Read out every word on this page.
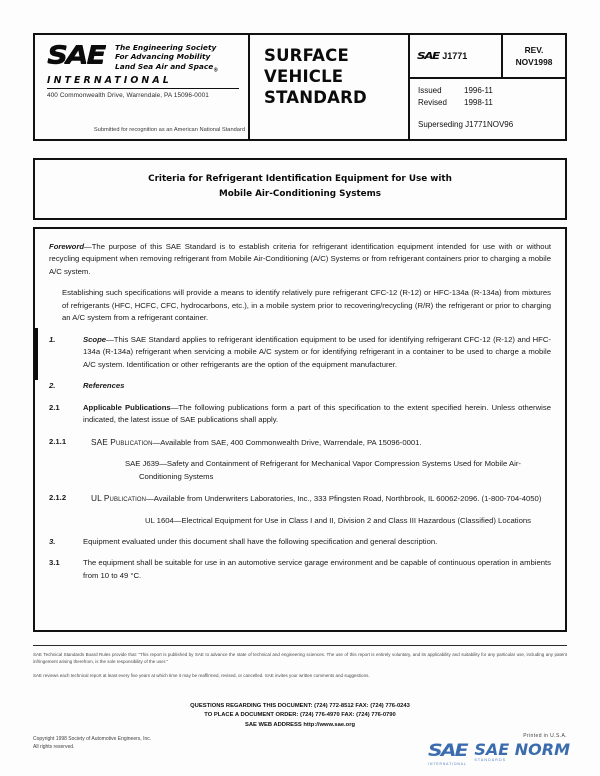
SAE	The Engineering Society
For Advancing Mobility
Land Sea Air and Space$_®$
INTERNATIONAL
400 Commonwealth Drive, Warrendale, PA 15096-0001
Submitted for recognition as an American National Standard
SURFACE
VEHICLE
STANDARD
SAE J1771
REV.
NOV1998
Issued	1996-11
Revised	1998-11
Superseding J1771NOV96
Criteria for Refrigerant Identification Equipment for Use with
Mobile Air-Conditioning Systems
Foreword—The purpose of this SAE Standard is to establish criteria for refrigerant identification equipment intended for use with or without recycling equipment when removing refrigerant from Mobile Air-Conditioning (A/C) Systems or from refrigerant containers prior to charging a mobile A/C system.
Establishing such specifications will provide a means to identify relatively pure refrigerant CFC-12 (R-12) or HFC-134a (R-134a) from mixtures of refrigerants (HFC, HCFC, CFC, hydrocarbons, etc.), in a mobile system prior to recovering/recycling (R/R) the refrigerant or prior to charging an A/C system from a refrigerant container.
1.	Scope—This SAE Standard applies to refrigerant identification equipment to be used for identifying refrigerant CFC-12 (R-12) and HFC-134a (R-134a) refrigerant when servicing a mobile A/C system or for identifying refrigerant in a container to be used to charge a mobile A/C system. Identification or other refrigerants are the option of the equipment manufacturer.
2.	References
2.1	Applicable Publications—The following publications form a part of this specification to the extent specified herein. Unless otherwise indicated, the latest issue of SAE publications shall apply.
2.1.1	SAE Publication—Available from SAE, 400 Commonwealth Drive, Warrendale, PA 15096-0001.
SAE J639—Safety and Containment of Refrigerant for Mechanical Vapor Compression Systems Used for Mobile Air-Conditioning Systems
2.1.2	UL Publication—Available from Underwriters Laboratories, Inc., 333 Pfingsten Road, Northbrook, IL 60062-2096. (1-800-704-4050)
UL 1604—Electrical Equipment for Use in Class I and II, Division 2 and Class III Hazardous (Classified) Locations
3.	Equipment evaluated under this document shall have the following specification and general description.
3.1	The equipment shall be suitable for use in an automotive service garage environment and be capable of continuous operation in ambients from 10 to 49 °C.

SAE Technical Standards Board Rules provide that: "This report is published by SAE to advance the state of technical and engineering sciences. The use of this report is entirely voluntary, and its applicability and suitability for any particular use, including any patent infringement arising therefrom, is the sole responsibility of the user."

SAE reviews each technical report at least every five years at which time it may be reaffirmed, revised, or cancelled. SAE invites your written comments and suggestions.

QUESTIONS REGARDING THIS DOCUMENT: (724) 772-8512 FAX: (724) 776-0243
TO PLACE A DOCUMENT ORDER: (724) 776-4970 FAX: (724) 776-0790
SAE WEB ADDRESS http://www.sae.org
Copyright 1998 Society of Automotive Engineers, Inc.
All rights reserved.
Printed in U.S.A.
SAE
INTERNATIONAL
SAE NORM
STANDARDS
